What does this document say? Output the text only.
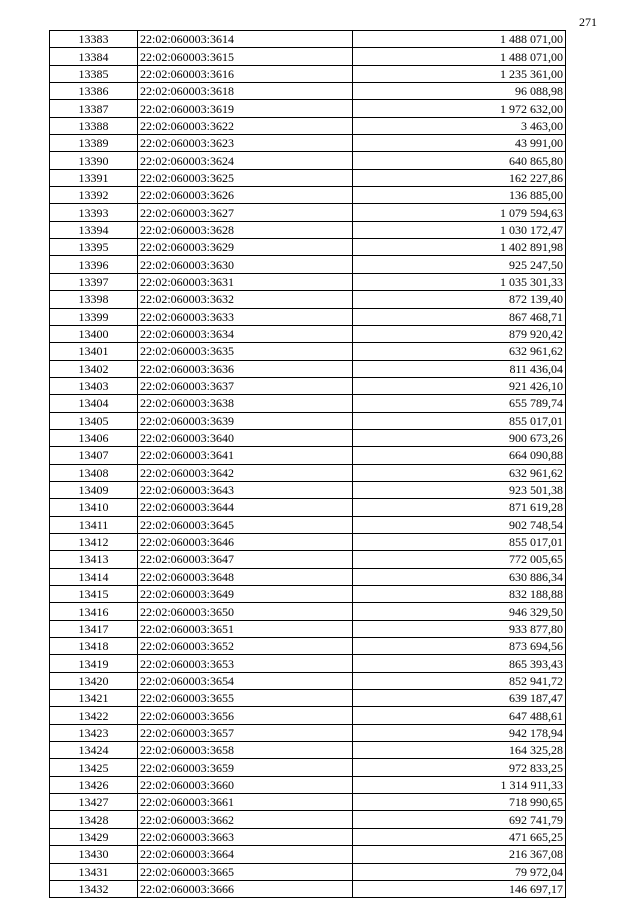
271
13383	22:02:060003:3614	1 488 071,00
13384	22:02:060003:3615	1 488 071,00
13385	22:02:060003:3616	1 235 361,00
13386	22:02:060003:3618	96 088,98
13387	22:02:060003:3619	1 972 632,00
13388	22:02:060003:3622	3 463,00
13389	22:02:060003:3623	43 991,00
13390	22:02:060003:3624	640 865,80
13391	22:02:060003:3625	162 227,86
13392	22:02:060003:3626	136 885,00
13393	22:02:060003:3627	1 079 594,63
13394	22:02:060003:3628	1 030 172,47
13395	22:02:060003:3629	1 402 891,98
13396	22:02:060003:3630	925 247,50
13397	22:02:060003:3631	1 035 301,33
13398	22:02:060003:3632	872 139,40
13399	22:02:060003:3633	867 468,71
13400	22:02:060003:3634	879 920,42
13401	22:02:060003:3635	632 961,62
13402	22:02:060003:3636	811 436,04
13403	22:02:060003:3637	921 426,10
13404	22:02:060003:3638	655 789,74
13405	22:02:060003:3639	855 017,01
13406	22:02:060003:3640	900 673,26
13407	22:02:060003:3641	664 090,88
13408	22:02:060003:3642	632 961,62
13409	22:02:060003:3643	923 501,38
13410	22:02:060003:3644	871 619,28
13411	22:02:060003:3645	902 748,54
13412	22:02:060003:3646	855 017,01
13413	22:02:060003:3647	772 005,65
13414	22:02:060003:3648	630 886,34
13415	22:02:060003:3649	832 188,88
13416	22:02:060003:3650	946 329,50
13417	22:02:060003:3651	933 877,80
13418	22:02:060003:3652	873 694,56
13419	22:02:060003:3653	865 393,43
13420	22:02:060003:3654	852 941,72
13421	22:02:060003:3655	639 187,47
13422	22:02:060003:3656	647 488,61
13423	22:02:060003:3657	942 178,94
13424	22:02:060003:3658	164 325,28
13425	22:02:060003:3659	972 833,25
13426	22:02:060003:3660	1 314 911,33
13427	22:02:060003:3661	718 990,65
13428	22:02:060003:3662	692 741,79
13429	22:02:060003:3663	471 665,25
13430	22:02:060003:3664	216 367,08
13431	22:02:060003:3665	79 972,04
13432	22:02:060003:3666	146 697,17
